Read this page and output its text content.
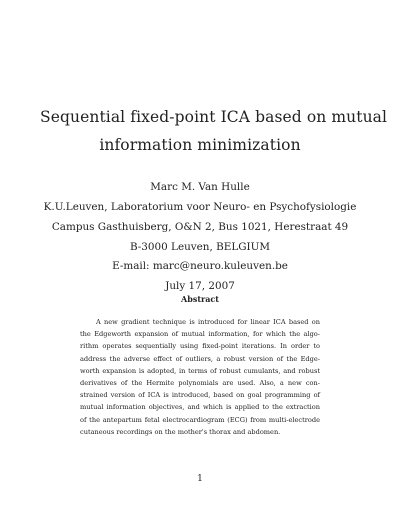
Sequential fixed-point ICA based on mutual
information minimization
Marc M. Van Hulle
K.U.Leuven, Laboratorium voor Neuro- en Psychofysiologie
Campus Gasthuisberg, O&N 2, Bus 1021, Herestraat 49
B-3000 Leuven, BELGIUM
E-mail: marc@neuro.kuleuven.be
July 17, 2007
Abstract
A new gradient technique is introduced for linear ICA based on
the Edgeworth expansion of mutual information, for which the algo-
rithm operates sequentially using fixed-point iterations. In order to
address the adverse effect of outliers, a robust version of the Edge-
worth expansion is adopted, in terms of robust cumulants, and robust
derivatives of the Hermite polynomials are used. Also, a new con-
strained version of ICA is introduced, based on goal programming of
mutual information objectives, and which is applied to the extraction
of the antepartum fetal electrocardiogram (ECG) from multi-electrode
cutaneous recordings on the mother's thorax and abdomen.
1
